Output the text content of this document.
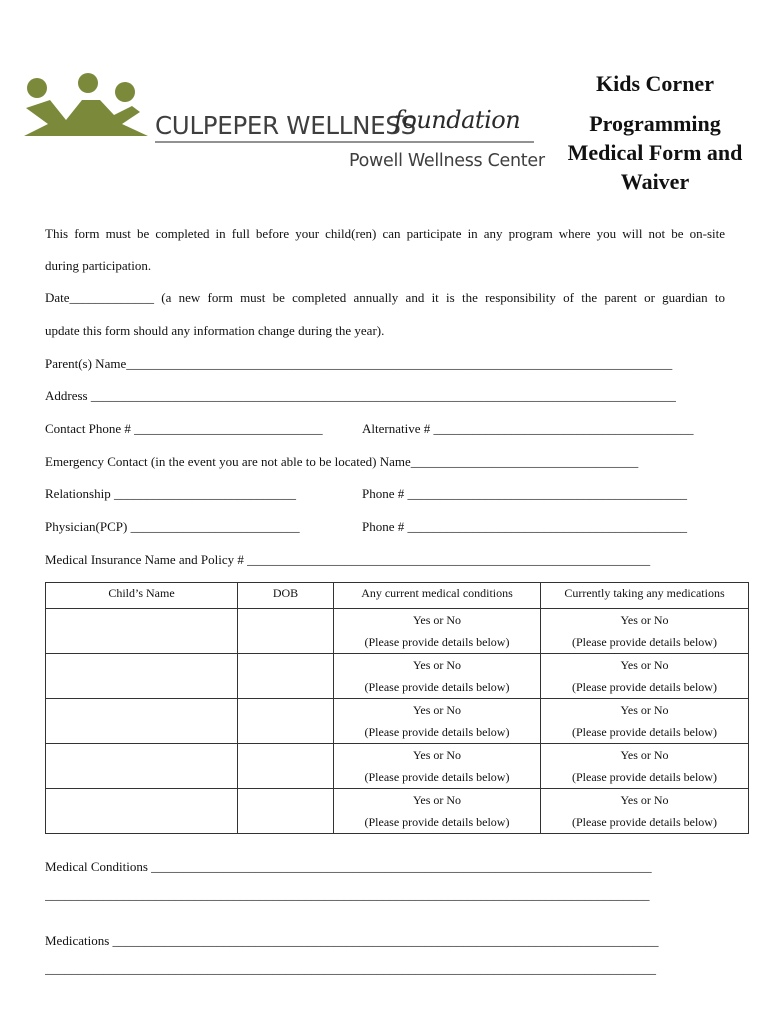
CULPEPER WELLNESS
foundation
Powell Wellness Center
Kids Corner
Programming
Medical Form and
Waiver
This form must be completed in full before your child(ren) can participate in any program where you will not be on-site
during participation.
Date_____________ (a new form must be completed annually and it is the responsibility of the parent or guardian to
update this form should any information change during the year).
Parent(s) Name____________________________________________________________________________________
Address __________________________________________________________________________________________
Contact Phone # _____________________________	Alternative # ________________________________________
Emergency Contact (in the event you are not able to be located) Name___________________________________
Relationship ____________________________	Phone # ___________________________________________
Physician(PCP) __________________________	Phone # ___________________________________________
Medical Insurance Name and Policy # ______________________________________________________________
Child’s Name	DOB	Any current medical conditions	Currently taking any medications

		Yes or No
(Please provide details below)	Yes or No
(Please provide details below)

		Yes or No
(Please provide details below)	Yes or No
(Please provide details below)

		Yes or No
(Please provide details below)	Yes or No
(Please provide details below)

		Yes or No
(Please provide details below)	Yes or No
(Please provide details below)

		Yes or No
(Please provide details below)	Yes or No
(Please provide details below)
Medical Conditions _____________________________________________________________________________
_____________________________________________________________________________________________
Medications ____________________________________________________________________________________
______________________________________________________________________________________________
